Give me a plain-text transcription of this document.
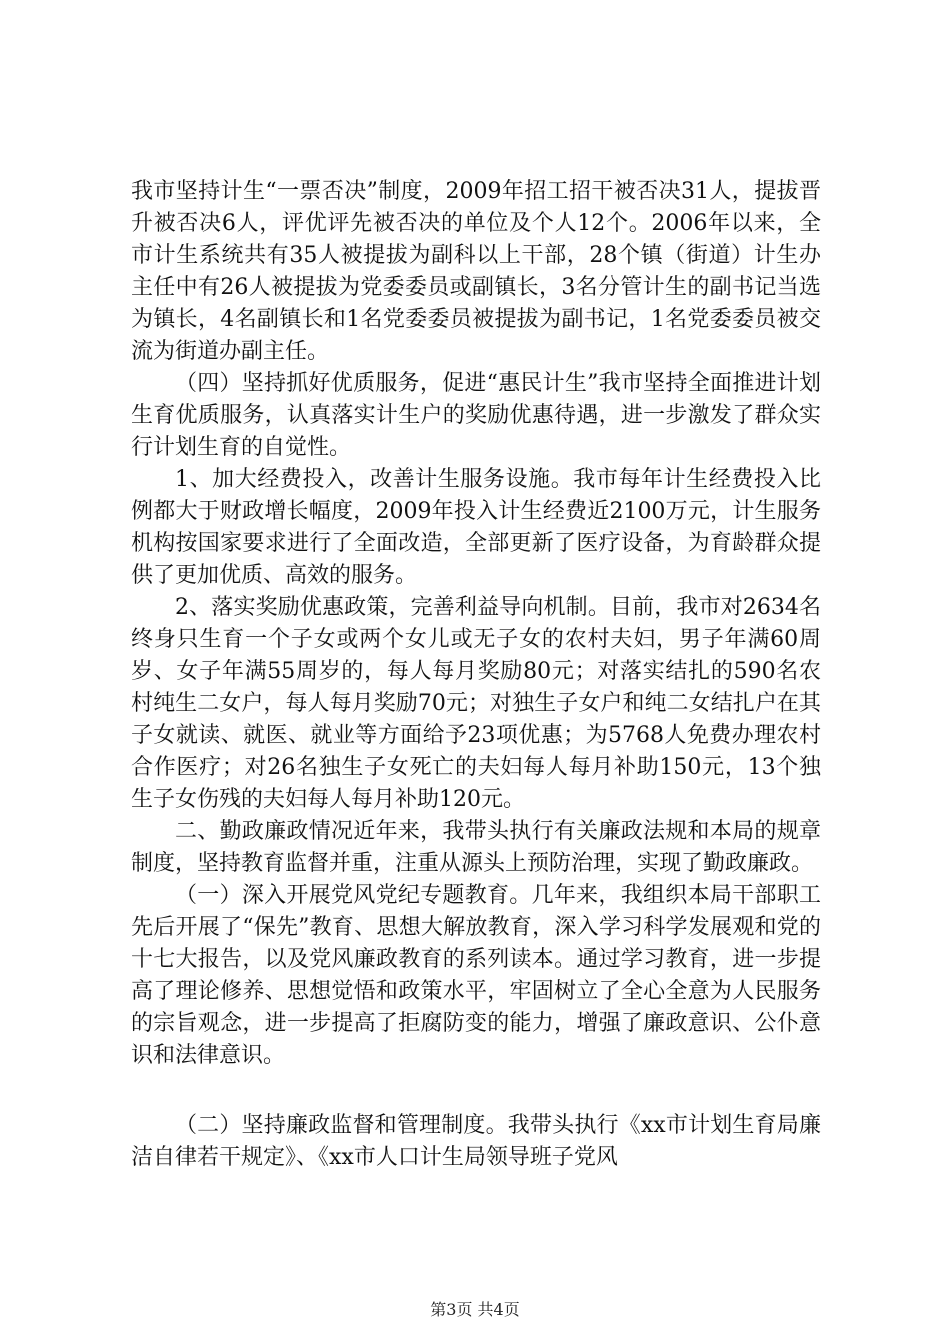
我市坚持计生“一票否决”制度，2009年招工招干被否决31人，提拔晋升被否决6人，评优评先被否决的单位及个人12个。2006年以来，全市计生系统共有35人被提拔为副科以上干部，28个镇（街道）计生办主任中有26人被提拔为党委委员或副镇长，3名分管计生的副书记当选为镇长，4名副镇长和1名党委委员被提拔为副书记，1名党委委员被交流为街道办副主任。

（四）坚持抓好优质服务，促进“惠民计生”我市坚持全面推进计划生育优质服务，认真落实计生户的奖励优惠待遇，进一步激发了群众实行计划生育的自觉性。

1、加大经费投入，改善计生服务设施。我市每年计生经费投入比例都大于财政增长幅度，2009年投入计生经费近2100万元，计生服务机构按国家要求进行了全面改造，全部更新了医疗设备，为育龄群众提供了更加优质、高效的服务。

2、落实奖励优惠政策，完善利益导向机制。目前，我市对2634名终身只生育一个子女或两个女儿或无子女的农村夫妇，男子年满60周岁、女子年满55周岁的，每人每月奖励80元；对落实结扎的590名农村纯生二女户，每人每月奖励70元；对独生子女户和纯二女结扎户在其子女就读、就医、就业等方面给予23项优惠；为5768人免费办理农村合作医疗；对26名独生子女死亡的夫妇每人每月补助150元，13个独生子女伤残的夫妇每人每月补助120元。

二、勤政廉政情况近年来，我带头执行有关廉政法规和本局的规章制度，坚持教育监督并重，注重从源头上预防治理，实现了勤政廉政。

（一）深入开展党风党纪专题教育。几年来，我组织本局干部职工先后开展了“保先”教育、思想大解放教育，深入学习科学发展观和党的十七大报告，以及党风廉政教育的系列读本。通过学习教育，进一步提高了理论修养、思想觉悟和政策水平，牢固树立了全心全意为人民服务的宗旨观念，进一步提高了拒腐防变的能力，增强了廉政意识、公仆意识和法律意识。

（二）坚持廉政监督和管理制度。我带头执行《xx市计划生育局廉洁自律若干规定》、《xx市人口计生局领导班子党风

第3页 共4页
